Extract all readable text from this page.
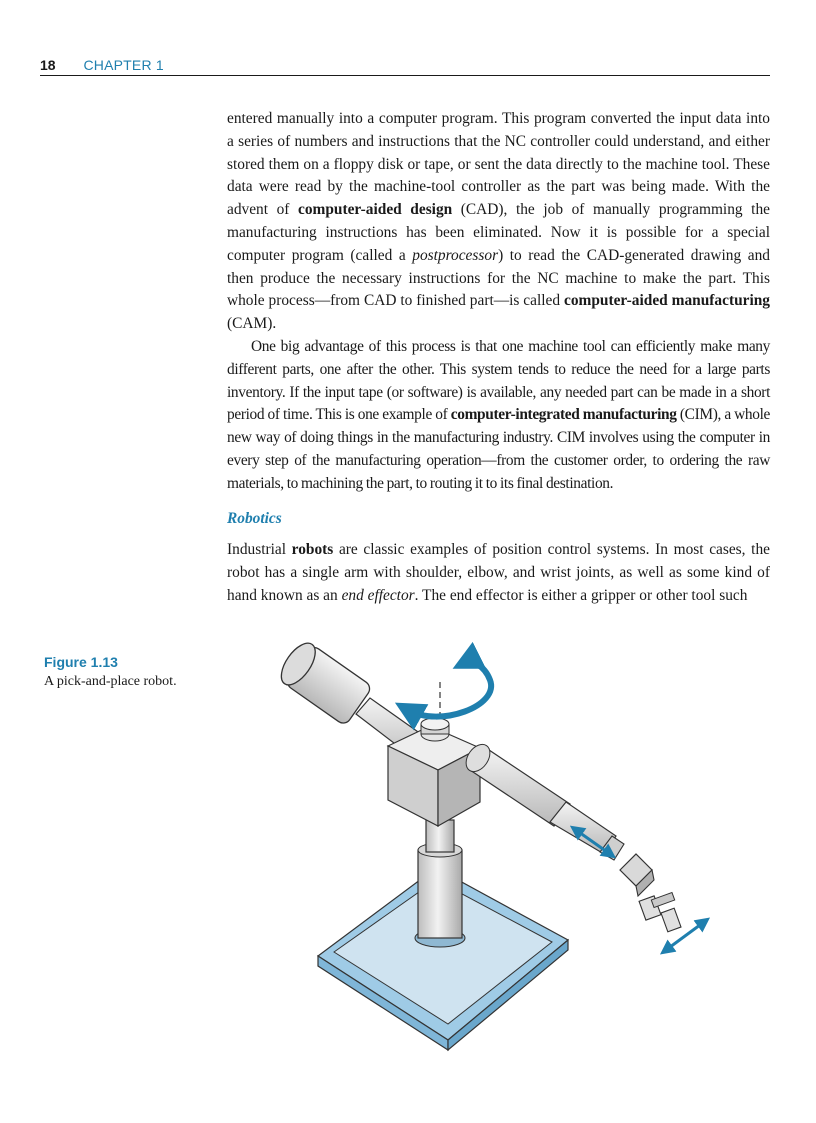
18 CHAPTER 1

entered manually into a computer program. This program converted the input data into a series of numbers and instructions that the NC controller could understand, and either stored them on a floppy disk or tape, or sent the data directly to the machine tool. These data were read by the machine-tool controller as the part was being made. With the advent of computer-aided design (CAD), the job of manually programming the manufacturing instructions has been eliminated. Now it is possible for a special computer program (called a postprocessor) to read the CAD-generated drawing and then produce the necessary instructions for the NC machine to make the part. This whole process—from CAD to finished part—is called computer-aided manufacturing (CAM).

One big advantage of this process is that one machine tool can efficiently make many different parts, one after the other. This system tends to reduce the need for a large parts inventory. If the input tape (or software) is available, any needed part can be made in a short period of time. This is one example of computer-integrated manufacturing (CIM), a whole new way of doing things in the manufacturing industry. CIM involves using the computer in every step of the manufacturing operation—from the customer order, to ordering the raw materials, to machining the part, to routing it to its final destination.

Robotics

Industrial robots are classic examples of position control systems. In most cases, the robot has a single arm with shoulder, elbow, and wrist joints, as well as some kind of hand known as an end effector. The end effector is either a gripper or other tool such

Figure 1.13
A pick-and-place robot.
